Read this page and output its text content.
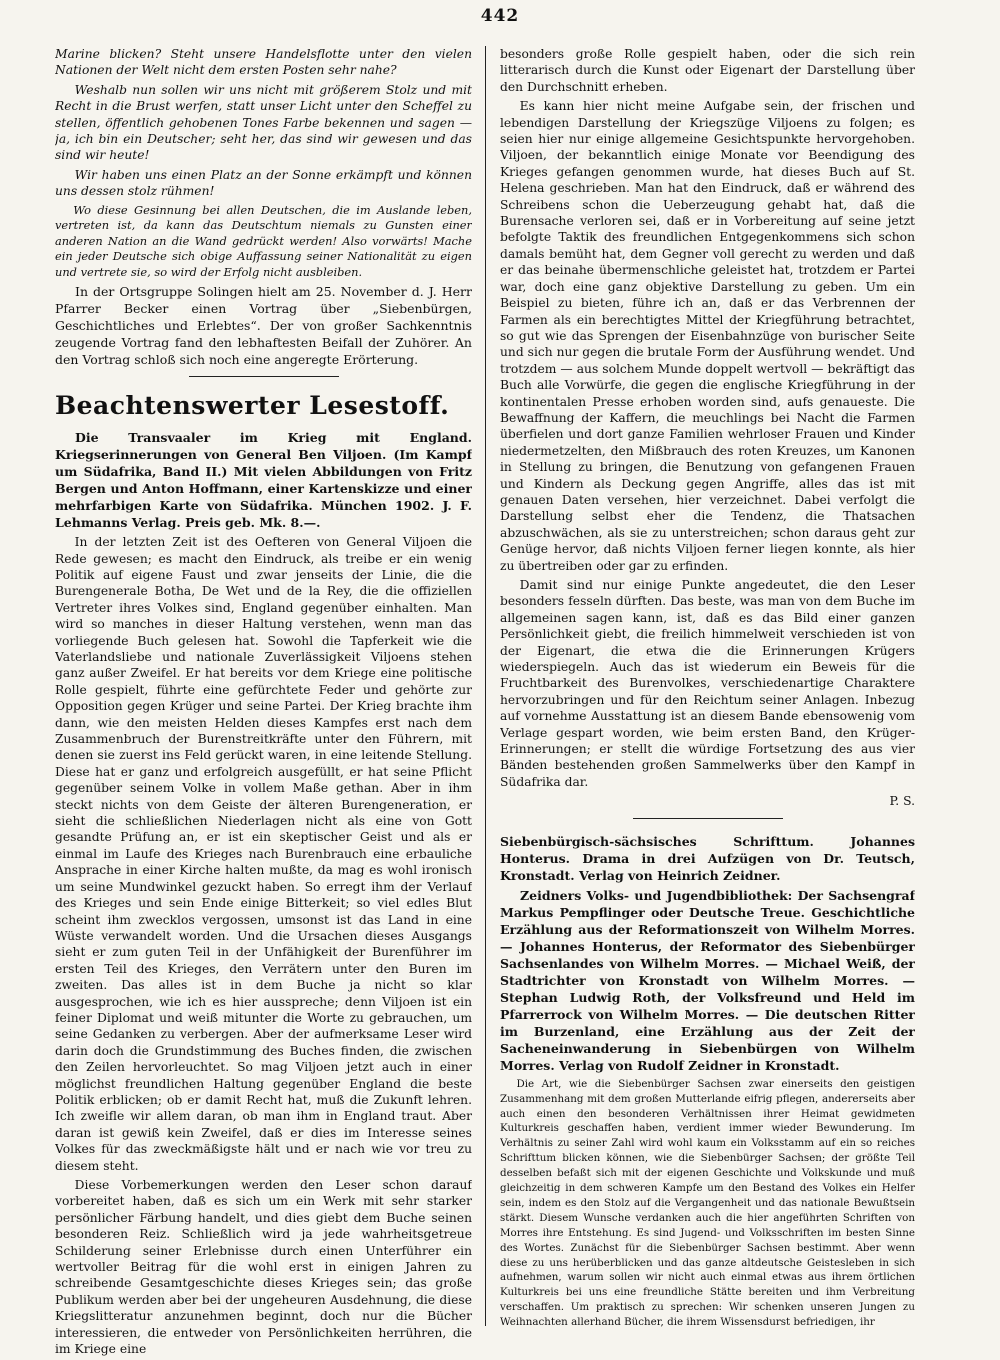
442

Marine blicken? Steht unsere Handelsflotte unter den vielen Nationen der Welt nicht dem ersten Posten sehr nahe?

Weshalb nun sollen wir uns nicht mit größerem Stolz und mit Recht in die Brust werfen, statt unser Licht unter den Scheffel zu stellen, öffentlich gehobenen Tones Farbe bekennen und sagen — ja, ich bin ein Deutscher; seht her, das sind wir gewesen und das sind wir heute!

Wir haben uns einen Platz an der Sonne erkämpft und können uns dessen stolz rühmen!

Wo diese Gesinnung bei allen Deutschen, die im Auslande leben, vertreten ist, da kann das Deutschtum niemals zu Gunsten einer anderen Nation an die Wand gedrückt werden! Also vorwärts! Mache ein jeder Deutsche sich obige Auffassung seiner Nationalität zu eigen und vertrete sie, so wird der Erfolg nicht ausbleiben.

In der Ortsgruppe Solingen hielt am 25. November d. J. Herr Pfarrer Becker einen Vortrag über „Siebenbürgen, Geschichtliches und Erlebtes“. Der von großer Sachkenntnis zeugende Vortrag fand den lebhaftesten Beifall der Zuhörer. An den Vortrag schloß sich noch eine angeregte Erörterung.

Beachtenswerter Lesestoff.

Die Transvaaler im Krieg mit England. Kriegserinnerungen von General Ben Viljoen. (Im Kampf um Südafrika, Band II.) Mit vielen Abbildungen von Fritz Bergen und Anton Hoffmann, einer Kartenskizze und einer mehrfarbigen Karte von Südafrika. München 1902. J. F. Lehmanns Verlag. Preis geb. Mk. 8.—.

In der letzten Zeit ist des Oefteren von General Viljoen die Rede gewesen; es macht den Eindruck, als treibe er ein wenig Politik auf eigene Faust und zwar jenseits der Linie, die die Burengenerale Botha, De Wet und de la Rey, die die offiziellen Vertreter ihres Volkes sind, England gegenüber einhalten. Man wird so manches in dieser Haltung verstehen, wenn man das vorliegende Buch gelesen hat. Sowohl die Tapferkeit wie die Vaterlandsliebe und nationale Zuverlässigkeit Viljoens stehen ganz außer Zweifel. Er hat bereits vor dem Kriege eine politische Rolle gespielt, führte eine gefürchtete Feder und gehörte zur Opposition gegen Krüger und seine Partei. Der Krieg brachte ihm dann, wie den meisten Helden dieses Kampfes erst nach dem Zusammenbruch der Burenstreitkräfte unter den Führern, mit denen sie zuerst ins Feld gerückt waren, in eine leitende Stellung. Diese hat er ganz und erfolgreich ausgefüllt, er hat seine Pflicht gegenüber seinem Volke in vollem Maße gethan. Aber in ihm steckt nichts von dem Geiste der älteren Burengeneration, er sieht die schließlichen Niederlagen nicht als eine von Gott gesandte Prüfung an, er ist ein skeptischer Geist und als er einmal im Laufe des Krieges nach Burenbrauch eine erbauliche Ansprache in einer Kirche halten mußte, da mag es wohl ironisch um seine Mundwinkel gezuckt haben. So erregt ihm der Verlauf des Krieges und sein Ende einige Bitterkeit; so viel edles Blut scheint ihm zwecklos vergossen, umsonst ist das Land in eine Wüste verwandelt worden. Und die Ursachen dieses Ausgangs sieht er zum guten Teil in der Unfähigkeit der Burenführer im ersten Teil des Krieges, den Verrätern unter den Buren im zweiten. Das alles ist in dem Buche ja nicht so klar ausgesprochen, wie ich es hier ausspreche; denn Viljoen ist ein feiner Diplomat und weiß mitunter die Worte zu gebrauchen, um seine Gedanken zu verbergen. Aber der aufmerksame Leser wird darin doch die Grundstimmung des Buches finden, die zwischen den Zeilen hervorleuchtet. So mag Viljoen jetzt auch in einer möglichst freundlichen Haltung gegenüber England die beste Politik erblicken; ob er damit Recht hat, muß die Zukunft lehren. Ich zweifle wir allem daran, ob man ihm in England traut. Aber daran ist gewiß kein Zweifel, daß er dies im Interesse seines Volkes für das zweckmäßigste hält und er nach wie vor treu zu diesem steht.

Diese Vorbemerkungen werden den Leser schon darauf vorbereitet haben, daß es sich um ein Werk mit sehr starker persönlicher Färbung handelt, und dies giebt dem Buche seinen besonderen Reiz. Schließlich wird ja jede wahrheitsgetreue Schilderung seiner Erlebnisse durch einen Unterführer ein wertvoller Beitrag für die wohl erst in einigen Jahren zu schreibende Gesamtgeschichte dieses Krieges sein; das große Publikum werden aber bei der ungeheuren Ausdehnung, die diese Kriegslitteratur anzunehmen beginnt, doch nur die Bücher interessieren, die entweder von Persönlichkeiten herrühren, die im Kriege eine

besonders große Rolle gespielt haben, oder die sich rein litterarisch durch die Kunst oder Eigenart der Darstellung über den Durchschnitt erheben.

Es kann hier nicht meine Aufgabe sein, der frischen und lebendigen Darstellung der Kriegszüge Viljoens zu folgen; es seien hier nur einige allgemeine Gesichtspunkte hervorgehoben. Viljoen, der bekanntlich einige Monate vor Beendigung des Krieges gefangen genommen wurde, hat dieses Buch auf St. Helena geschrieben. Man hat den Eindruck, daß er während des Schreibens schon die Ueberzeugung gehabt hat, daß die Burensache verloren sei, daß er in Vorbereitung auf seine jetzt befolgte Taktik des freundlichen Entgegenkommens sich schon damals bemüht hat, dem Gegner voll gerecht zu werden und daß er das beinahe übermenschliche geleistet hat, trotzdem er Partei war, doch eine ganz objektive Darstellung zu geben. Um ein Beispiel zu bieten, führe ich an, daß er das Verbrennen der Farmen als ein berechtigtes Mittel der Kriegführung betrachtet, so gut wie das Sprengen der Eisenbahnzüge von burischer Seite und sich nur gegen die brutale Form der Ausführung wendet. Und trotzdem — aus solchem Munde doppelt wertvoll — bekräftigt das Buch alle Vorwürfe, die gegen die englische Kriegführung in der kontinentalen Presse erhoben worden sind, aufs genaueste. Die Bewaffnung der Kaffern, die meuchlings bei Nacht die Farmen überfielen und dort ganze Familien wehrloser Frauen und Kinder niedermetzelten, den Mißbrauch des roten Kreuzes, um Kanonen in Stellung zu bringen, die Benutzung von gefangenen Frauen und Kindern als Deckung gegen Angriffe, alles das ist mit genauen Daten versehen, hier verzeichnet. Dabei verfolgt die Darstellung selbst eher die Tendenz, die Thatsachen abzuschwächen, als sie zu unterstreichen; schon daraus geht zur Genüge hervor, daß nichts Viljoen ferner liegen konnte, als hier zu übertreiben oder gar zu erfinden.

Damit sind nur einige Punkte angedeutet, die den Leser besonders fesseln dürften. Das beste, was man von dem Buche im allgemeinen sagen kann, ist, daß es das Bild einer ganzen Persönlichkeit giebt, die freilich himmelweit verschieden ist von der Eigenart, die etwa die die Erinnerungen Krügers wiederspiegeln. Auch das ist wiederum ein Beweis für die Fruchtbarkeit des Burenvolkes, verschiedenartige Charaktere hervorzubringen und für den Reichtum seiner Anlagen. Inbezug auf vornehme Ausstattung ist an diesem Bande ebensowenig vom Verlage gespart worden, wie beim ersten Band, den Krüger-Erinnerungen; er stellt die würdige Fortsetzung des aus vier Bänden bestehenden großen Sammelwerks über den Kampf in Südafrika dar.

P. S.

Siebenbürgisch-sächsisches Schrifttum. Johannes Honterus. Drama in drei Aufzügen von Dr. Teutsch, Kronstadt. Verlag von Heinrich Zeidner.

Zeidners Volks- und Jugendbibliothek: Der Sachsengraf Markus Pempflinger oder Deutsche Treue. Geschichtliche Erzählung aus der Reformationszeit von Wilhelm Morres. — Johannes Honterus, der Reformator des Siebenbürger Sachsenlandes von Wilhelm Morres. — Michael Weiß, der Stadtrichter von Kronstadt von Wilhelm Morres. — Stephan Ludwig Roth, der Volksfreund und Held im Pfarrerrock von Wilhelm Morres. — Die deutschen Ritter im Burzenland, eine Erzählung aus der Zeit der Sacheneinwanderung in Siebenbürgen von Wilhelm Morres. Verlag von Rudolf Zeidner in Kronstadt.

Die Art, wie die Siebenbürger Sachsen zwar einerseits den geistigen Zusammenhang mit dem großen Mutterlande eifrig pflegen, andererseits aber auch einen den besonderen Verhältnissen ihrer Heimat gewidmeten Kulturkreis geschaffen haben, verdient immer wieder Bewunderung. Im Verhältnis zu seiner Zahl wird wohl kaum ein Volksstamm auf ein so reiches Schrifttum blicken können, wie die Siebenbürger Sachsen; der größte Teil desselben befaßt sich mit der eigenen Geschichte und Volkskunde und muß gleichzeitig in dem schweren Kampfe um den Bestand des Volkes ein Helfer sein, indem es den Stolz auf die Vergangenheit und das nationale Bewußtsein stärkt. Diesem Wunsche verdanken auch die hier angeführten Schriften von Morres ihre Entstehung. Es sind Jugend- und Volksschriften im besten Sinne des Wortes. Zunächst für die Siebenbürger Sachsen bestimmt. Aber wenn diese zu uns herüberblicken und das ganze altdeutsche Geistesleben in sich aufnehmen, warum sollen wir nicht auch einmal etwas aus ihrem örtlichen Kulturkreis bei uns eine freundliche Stätte bereiten und ihm Verbreitung verschaffen. Um praktisch zu sprechen: Wir schenken unseren Jungen zu Weihnachten allerhand Bücher, die ihrem Wissensdurst befriedigen, ihr
